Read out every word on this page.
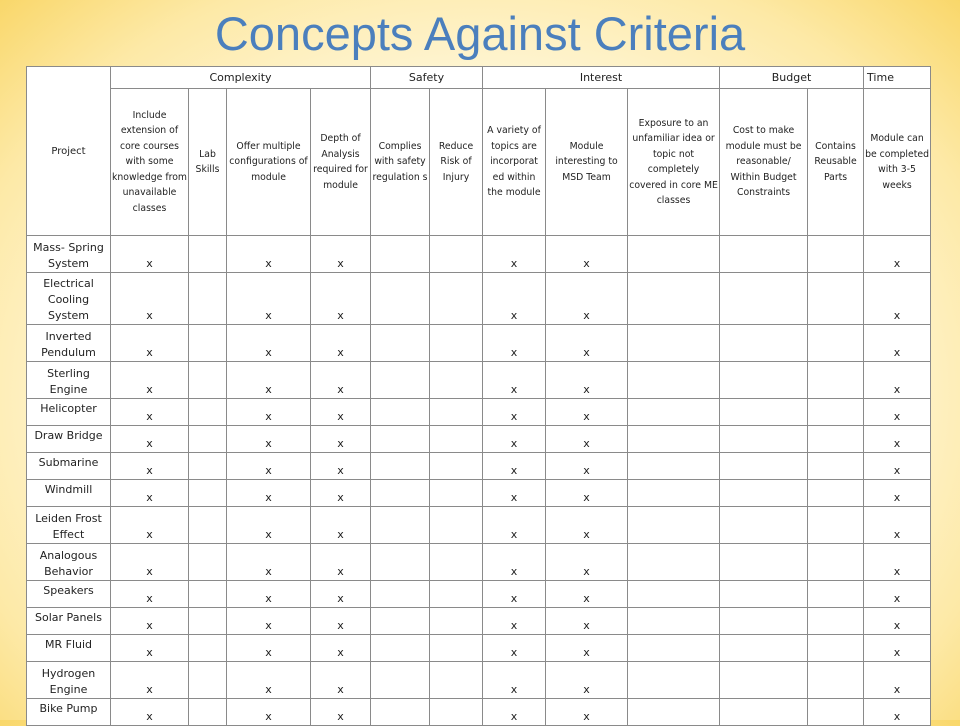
Concepts Against Criteria
Project	Complexity				Safety		Interest			Budget		Time
	Include extension of core courses with some knowledge from unavailable classes	Lab Skills	Offer multiple configurations of module	Depth of Analysis required for module	Complies with safety regulation s	Reduce Risk of Injury	A variety of topics are incorporat ed within the module	Module interesting to MSD Team	Exposure to an unfamiliar idea or topic not completely covered in core ME classes	Cost to make module must be reasonable/ Within Budget Constraints	Contains Reusable Parts	Module can be completed with 3-5 weeks
Mass- Spring System	x		x	x			x	x				x
Electrical Cooling System	x		x	x			x	x				x
Inverted Pendulum	x		x	x			x	x				x
Sterling Engine	x		x	x			x	x				x
Helicopter	x		x	x			x	x				x
Draw Bridge	x		x	x			x	x				x
Submarine	x		x	x			x	x				x
Windmill	x		x	x			x	x				x
Leiden Frost Effect	x		x	x			x	x				x
Analogous Behavior	x		x	x			x	x				x
Speakers	x		x	x			x	x				x
Solar Panels	x		x	x			x	x				x
MR Fluid	x		x	x			x	x				x
Hydrogen Engine	x		x	x			x	x				x
Bike Pump	x		x	x			x	x				x
